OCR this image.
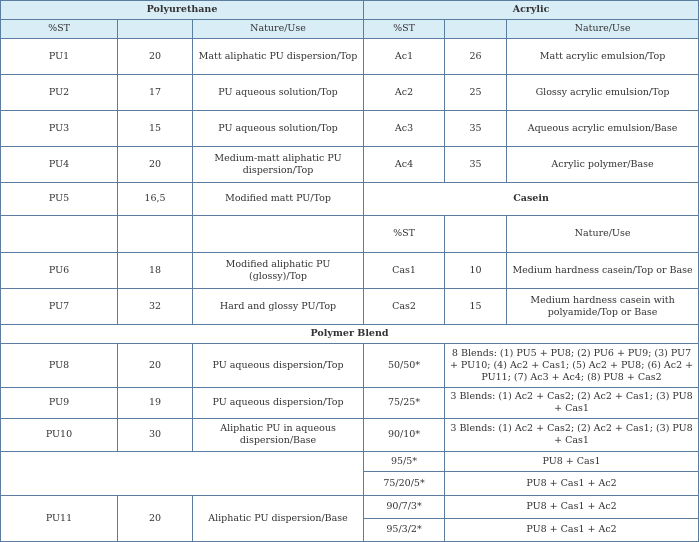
Polyurethane			Acrylic		
%ST		Nature/Use	%ST		Nature/Use
PU1	20	Matt aliphatic PU dispersion/Top	Ac1	26	Matt acrylic emulsion/Top
PU2	17	PU aqueous solution/Top	Ac2	25	Glossy acrylic emulsion/Top
PU3	15	PU aqueous solution/Top	Ac3	35	Aqueous acrylic emulsion/Base
PU4	20	Medium-matt aliphatic PU dispersion/Top	Ac4	35	Acrylic polymer/Base
PU5	16,5	Modified matt PU/Top	Casein		
			%ST		Nature/Use
PU6	18	Modified aliphatic PU (glossy)/Top	Cas1	10	Medium hardness casein/Top or Base
PU7	32	Hard and glossy PU/Top	Cas2	15	Medium hardness casein with polyamide/Top or Base
Polymer Blend					
PU8	20	PU aqueous dispersion/Top	50/50*	8 Blends: (1) PU5 + PU8; (2) PU6 + PU9; (3) PU7 + PU10; (4) Ac2 + Cas1; (5) Ac2 + PU8; (6) Ac2 + PU11; (7) Ac3 + Ac4; (8) PU8 + Cas2	
PU9	19	PU aqueous dispersion/Top	75/25*	3 Blends: (1) Ac2 + Cas2; (2) Ac2 + Cas1; (3) PU8 + Cas1	
PU10	30	Aliphatic PU in aqueous dispersion/Base	90/10*	3 Blends: (1) Ac2 + Cas2; (2) Ac2 + Cas1; (3) PU8 + Cas1	
			95/5*	PU8 + Cas1	
			75/20/5*	PU8 + Cas1 + Ac2	
PU11	20	Aliphatic PU dispersion/Base	90/7/3*	PU8 + Cas1 + Ac2	
			95/3/2*	PU8 + Cas1 + Ac2	
